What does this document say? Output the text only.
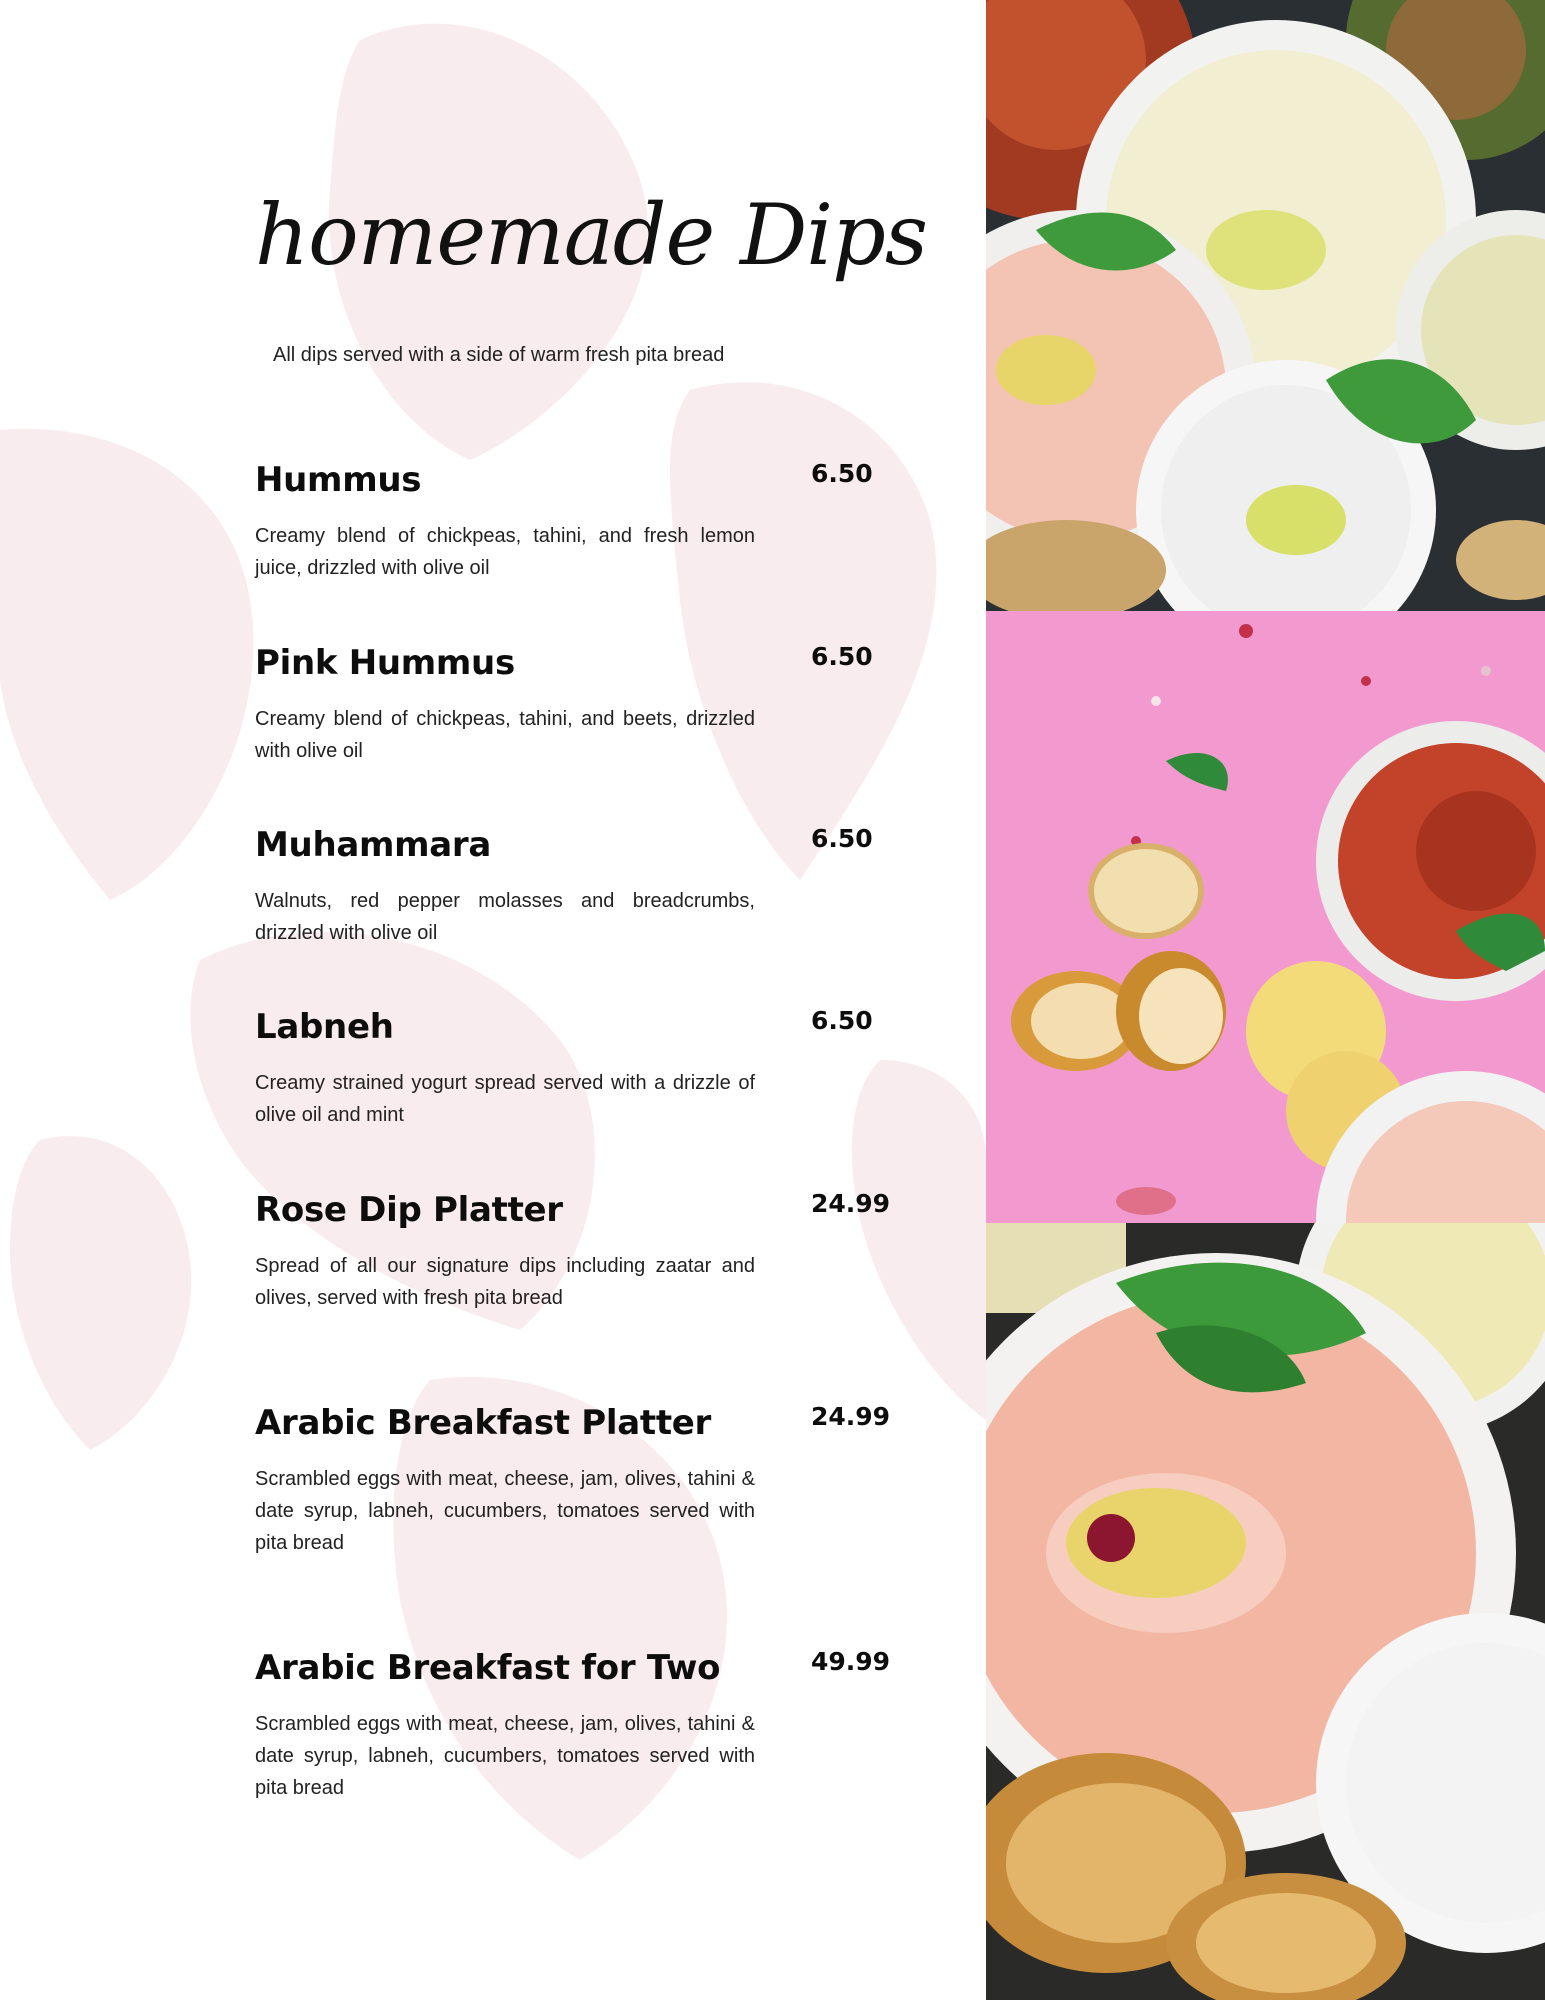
homemade Dips
All dips served with a side of warm fresh pita bread
Hummus	6.50
Creamy blend of chickpeas, tahini, and fresh lemon juice, drizzled with olive oil
Pink Hummus	6.50
Creamy blend of chickpeas, tahini, and beets, drizzled with olive oil
Muhammara	6.50
Walnuts, red pepper molasses and breadcrumbs, drizzled with olive oil
Labneh	6.50
Creamy strained yogurt spread served with a drizzle of olive oil and mint
Rose Dip Platter	24.99
Spread of all our signature dips including zaatar and olives, served with fresh pita bread
Arabic Breakfast Platter	24.99
Scrambled eggs with meat, cheese, jam, olives, tahini & date syrup, labneh, cucumbers, tomatoes served with pita bread
Arabic Breakfast for Two	49.99
Scrambled eggs with meat, cheese, jam, olives, tahini & date syrup, labneh, cucumbers, tomatoes served with pita bread
